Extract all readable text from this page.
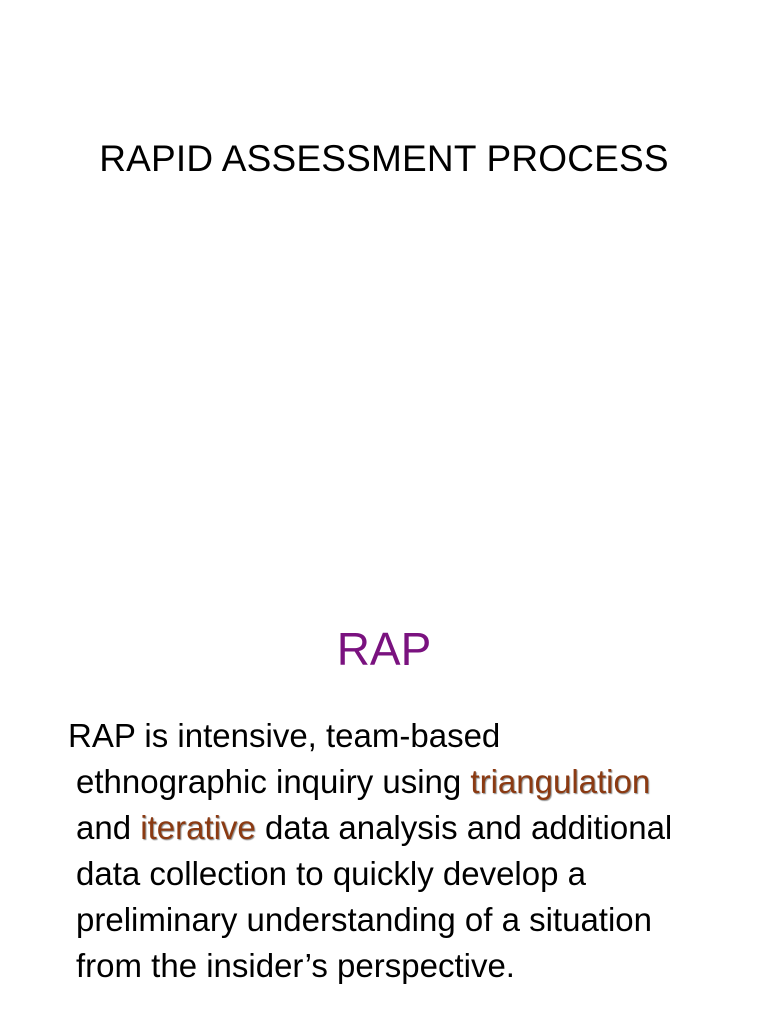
RAPID ASSESSMENT PROCESS
RAP

RAP is intensive, team-based
ethnographic inquiry using triangulation
and iterative data analysis and additional
data collection to quickly develop a
preliminary understanding of a situation
from the insider’s perspective.
